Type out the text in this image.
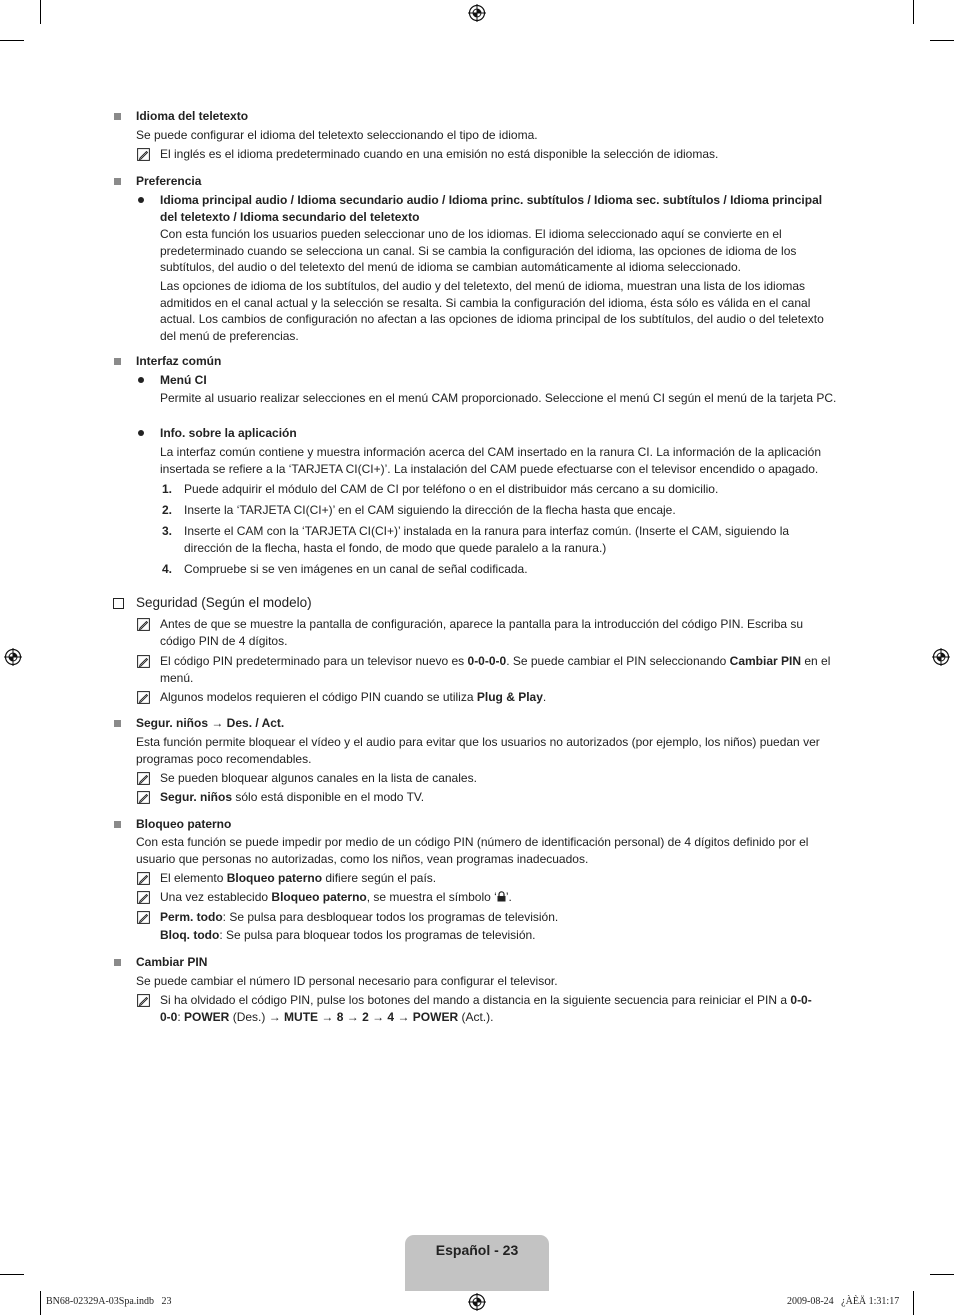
Idioma del teletexto
Se puede configurar el idioma del teletexto seleccionando el tipo de idioma.
El inglés es el idioma predeterminado cuando en una emisión no está disponible la selección de idiomas.
Preferencia
Idioma principal audio / Idioma secundario audio / Idioma princ. subtítulos / Idioma sec. subtítulos / Idioma principal del teletexto / Idioma secundario del teletexto
Con esta función los usuarios pueden seleccionar uno de los idiomas. El idioma seleccionado aquí se convierte en el predeterminado cuando se selecciona un canal. Si se cambia la configuración del idioma, las opciones de idioma de los subtítulos, del audio o del teletexto del menú de idioma se cambian automáticamente al idioma seleccionado.
Las opciones de idioma de los subtítulos, del audio y del teletexto, del menú de idioma, muestran una lista de los idiomas admitidos en el canal actual y la selección se resalta. Si cambia la configuración del idioma, ésta sólo es válida en el canal actual. Los cambios de configuración no afectan a las opciones de idioma principal de los subtítulos, del audio o del teletexto del menú de preferencias.
Interfaz común
Menú CI
Permite al usuario realizar selecciones en el menú CAM proporcionado. Seleccione el menú CI según el menú de la tarjeta PC.
Info. sobre la aplicación
La interfaz común contiene y muestra información acerca del CAM insertado en la ranura CI. La información de la aplicación insertada se refiere a la ‘TARJETA CI(CI+)’. La instalación del CAM puede efectuarse con el televisor encendido o apagado.
1. Puede adquirir el módulo del CAM de CI por teléfono o en el distribuidor más cercano a su domicilio.
2. Inserte la ‘TARJETA CI(CI+)’ en el CAM siguiendo la dirección de la flecha hasta que encaje.
3. Inserte el CAM con la ‘TARJETA CI(CI+)’ instalada en la ranura para interfaz común. (Inserte el CAM, siguiendo la dirección de la flecha, hasta el fondo, de modo que quede paralelo a la ranura.)
4. Compruebe si se ven imágenes en un canal de señal codificada.
Seguridad (Según el modelo)
Antes de que se muestre la pantalla de configuración, aparece la pantalla para la introducción del código PIN. Escriba su código PIN de 4 dígitos.
El código PIN predeterminado para un televisor nuevo es 0-0-0-0. Se puede cambiar el PIN seleccionando Cambiar PIN en el menú.
Algunos modelos requieren el código PIN cuando se utiliza Plug & Play.
Segur. niños → Des. / Act.
Esta función permite bloquear el vídeo y el audio para evitar que los usuarios no autorizados (por ejemplo, los niños) puedan ver programas poco recomendables.
Se pueden bloquear algunos canales en la lista de canales.
Segur. niños sólo está disponible en el modo TV.
Bloqueo paterno
Con esta función se puede impedir por medio de un código PIN (número de identificación personal) de 4 dígitos definido por el usuario que personas no autorizadas, como los niños, vean programas inadecuados.
El elemento Bloqueo paterno difiere según el país.
Una vez establecido Bloqueo paterno, se muestra el símbolo ‘ ’.
Perm. todo: Se pulsa para desbloquear todos los programas de televisión.
Bloq. todo: Se pulsa para bloquear todos los programas de televisión.
Cambiar PIN
Se puede cambiar el número ID personal necesario para configurar el televisor.
Si ha olvidado el código PIN, pulse los botones del mando a distancia en la siguiente secuencia para reiniciar el PIN a 0-0-0-0: POWER (Des.) → MUTE → 8 → 2 → 4 → POWER (Act.).
Español - 23
BN68-02329A-03Spa.indb   23	2009-08-24   ¿ÀÈÄ 1:31:17
